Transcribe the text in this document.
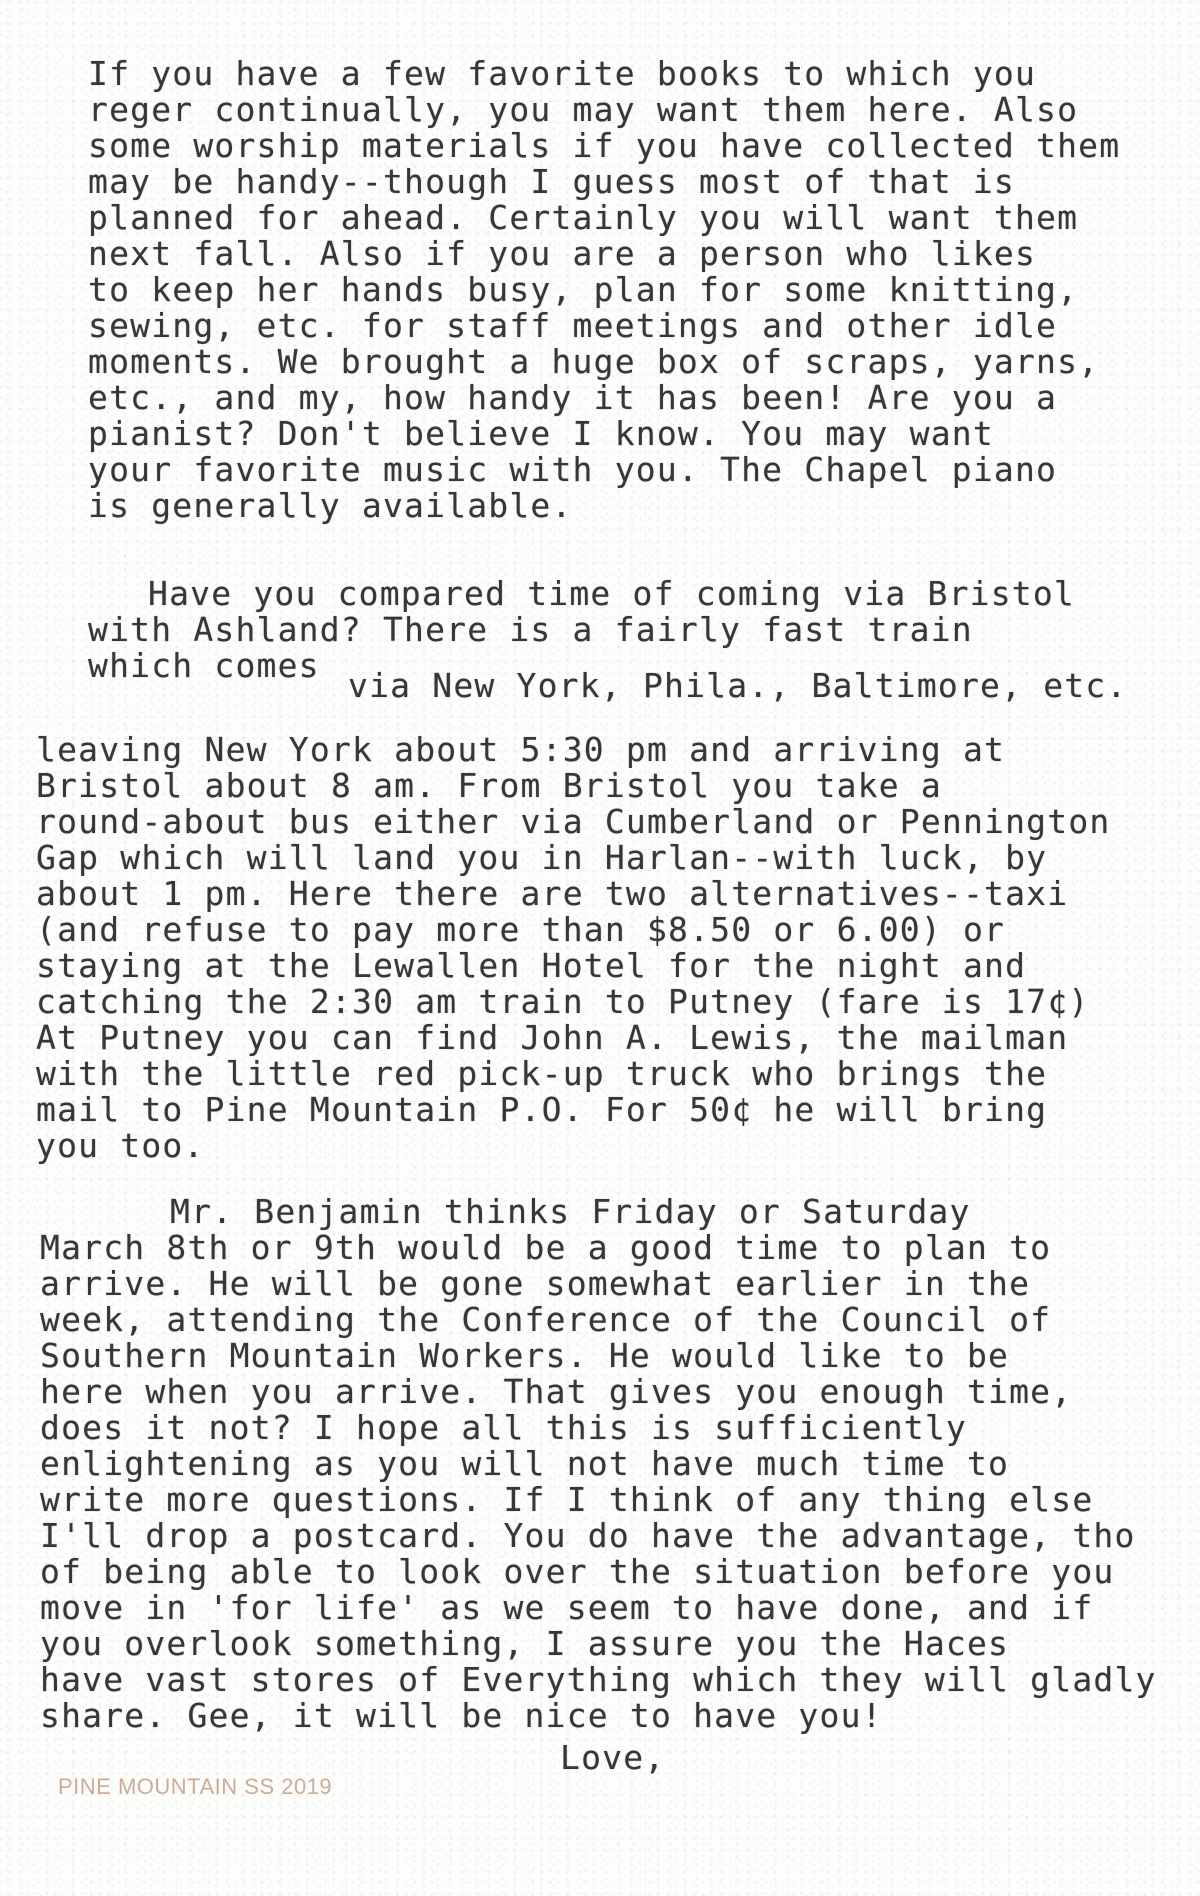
If you have a few favorite books to which you
reger continually, you may want them here. Also
some worship materials if you have collected them
may be handy--though I guess most of that is
planned for ahead. Certainly you will want them
next fall. Also if you are a person who likes
to keep her hands busy, plan for some knitting,
sewing, etc. for staff meetings and other idle
moments. We brought a huge box of scraps, yarns,
etc., and my, how handy it has been! Are you a
pianist? Don't believe I know. You may want
your favorite music with you. The Chapel piano
is generally available.
Have you compared time of coming via Bristol
with Ashland? There is a fairly fast train
which comes
via New York, Phila., Baltimore, etc.
leaving New York about 5:30 pm and arriving at
Bristol about 8 am. From Bristol you take a
round-about bus either via Cumberland or Pennington
Gap which will land you in Harlan--with luck, by
about 1 pm. Here there are two alternatives--taxi
(and refuse to pay more than $8.50 or 6.00) or
staying at the Lewallen Hotel for the night and
catching the 2:30 am train to Putney (fare is 17¢)
At Putney you can find John A. Lewis, the mailman
with the little red pick-up truck who brings the
mail to Pine Mountain P.O. For 50¢ he will bring
you too.
Mr. Benjamin thinks Friday or Saturday
March 8th or 9th would be a good time to plan to
arrive. He will be gone somewhat earlier in the
week, attending the Conference of the Council of
Southern Mountain Workers. He would like to be
here when you arrive. That gives you enough time,
does it not? I hope all this is sufficiently
enlightening as you will not have much time to
write more questions. If I think of any thing else
I'll drop a postcard. You do have the advantage, tho
of being able to look over the situation before you
move in 'for life' as we seem to have done, and if
you overlook something, I assure you the Haces
have vast stores of Everything which they will gladly
share. Gee, it will be nice to have you!
Love,
PINE MOUNTAIN SS 2019
